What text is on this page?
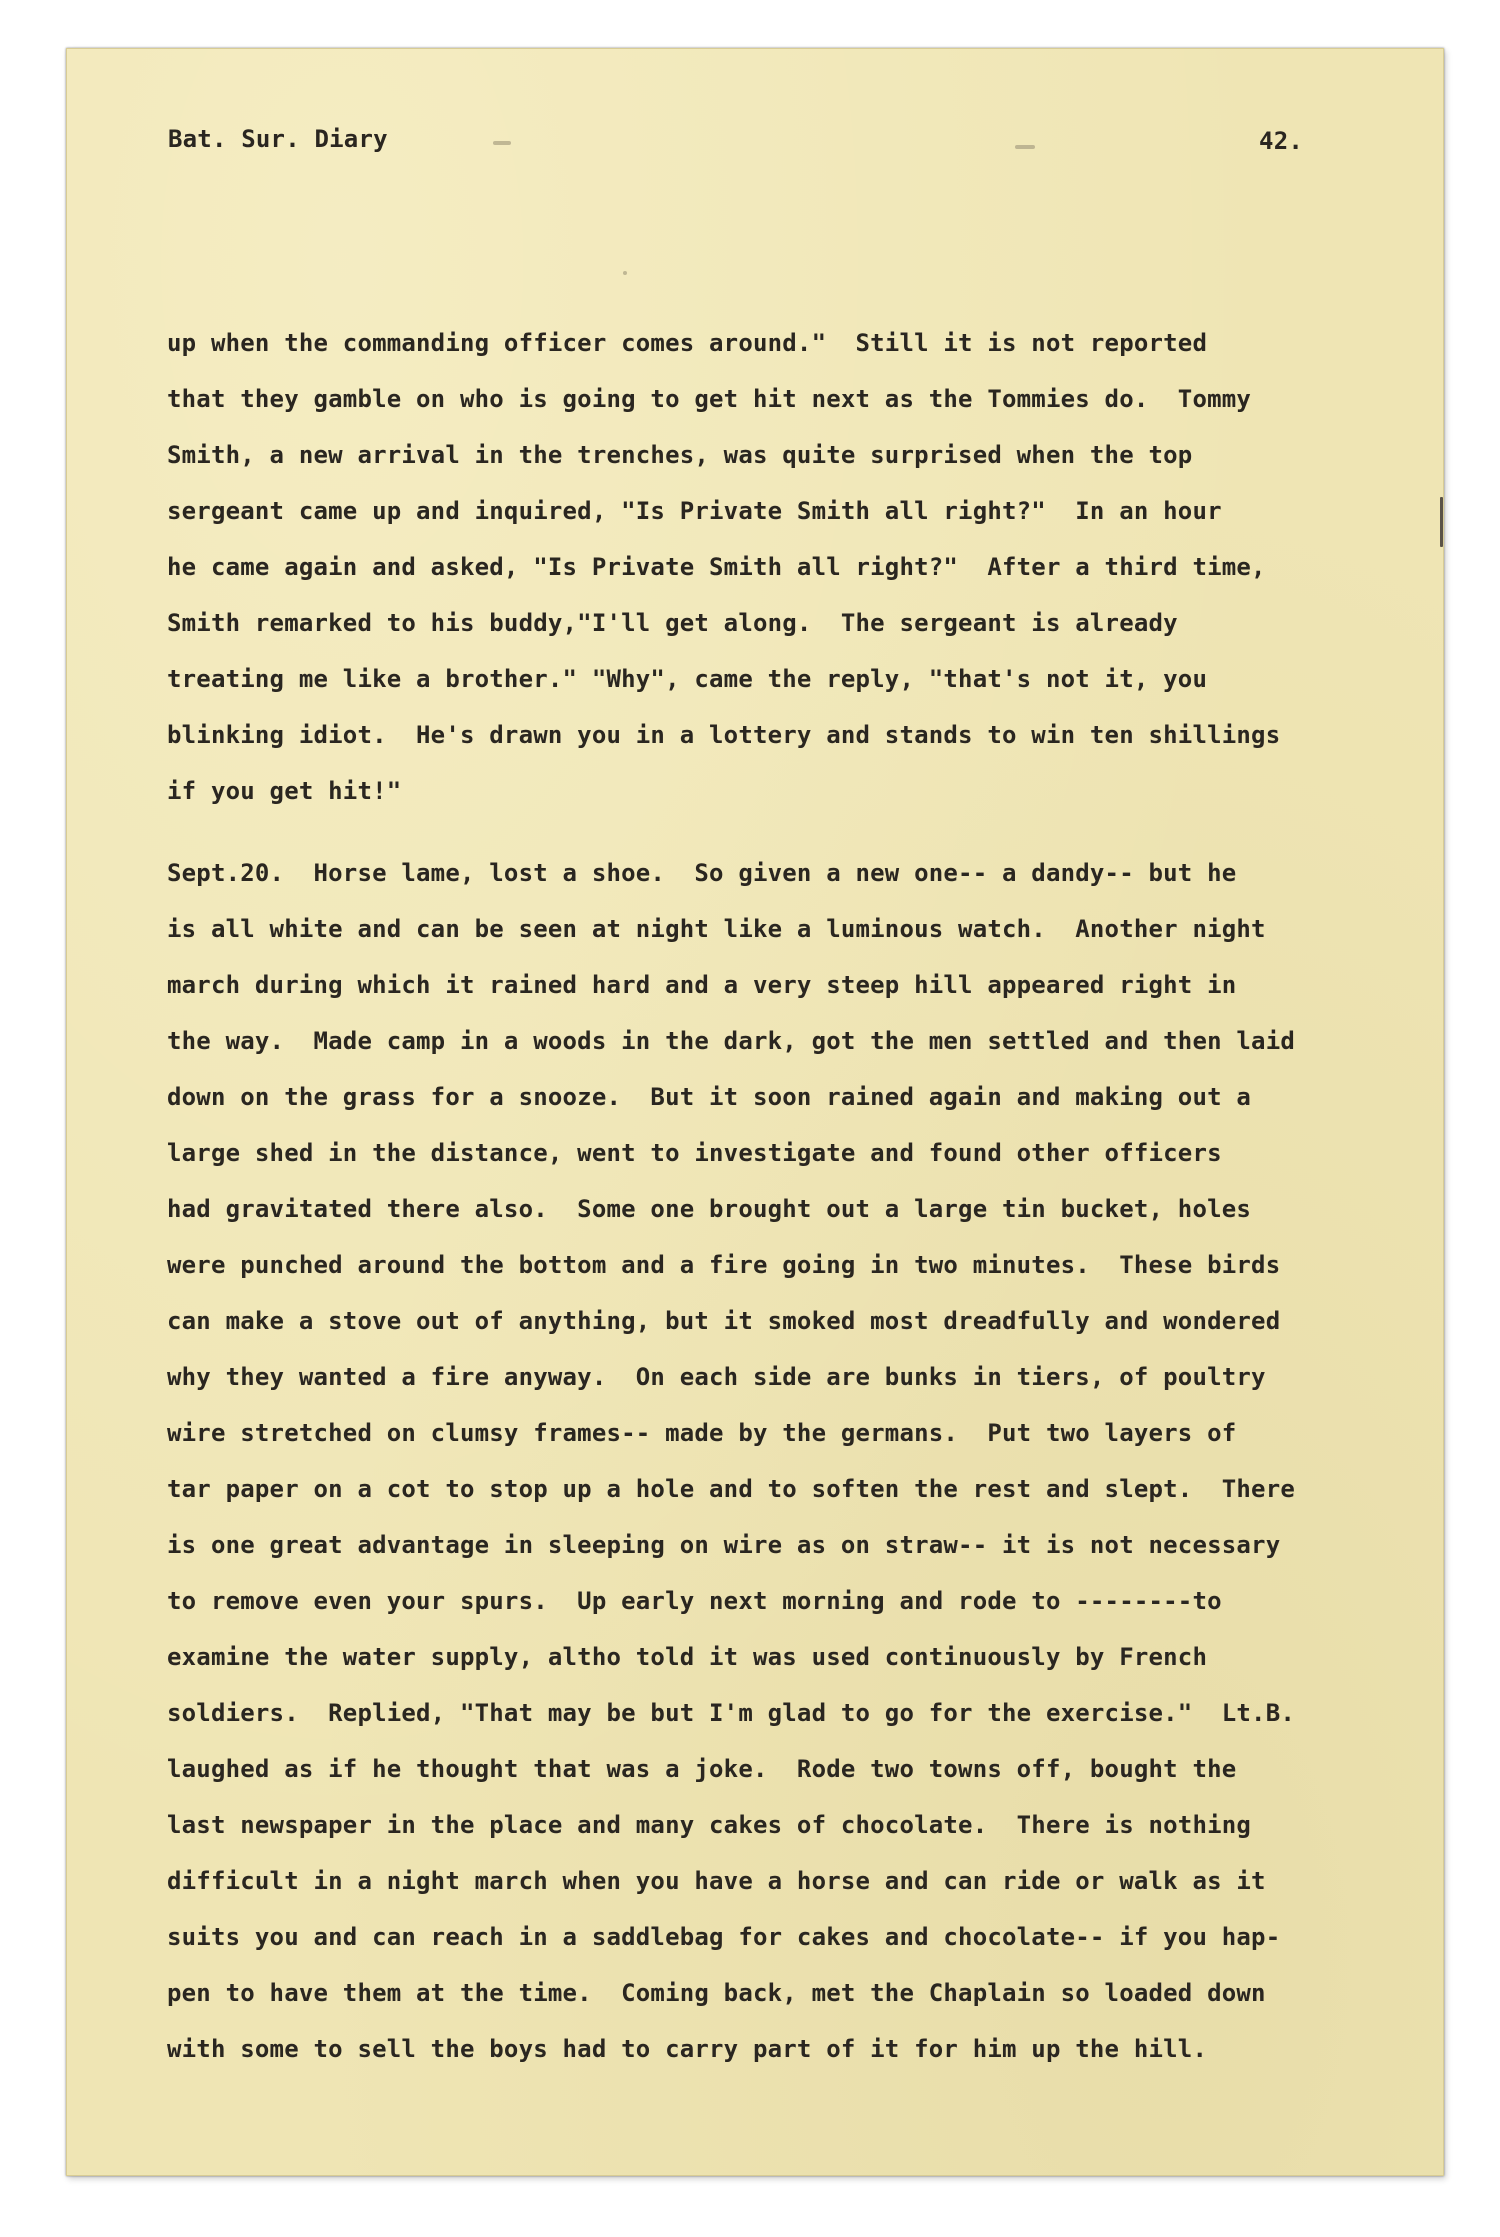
Bat. Sur. Diary	42.
up when the commanding officer comes around."  Still it is not reported
that they gamble on who is going to get hit next as the Tommies do.  Tommy
Smith, a new arrival in the trenches, was quite surprised when the top
sergeant came up and inquired, "Is Private Smith all right?"  In an hour
he came again and asked, "Is Private Smith all right?"  After a third time,
Smith remarked to his buddy,"I'll get along.  The sergeant is already
treating me like a brother." "Why", came the reply, "that's not it, you
blinking idiot.  He's drawn you in a lottery and stands to win ten shillings
if you get hit!"
Sept.20.  Horse lame, lost a shoe.  So given a new one-- a dandy-- but he
is all white and can be seen at night like a luminous watch.  Another night
march during which it rained hard and a very steep hill appeared right in
the way.  Made camp in a woods in the dark, got the men settled and then laid
down on the grass for a snooze.  But it soon rained again and making out a
large shed in the distance, went to investigate and found other officers
had gravitated there also.  Some one brought out a large tin bucket, holes
were punched around the bottom and a fire going in two minutes.  These birds
can make a stove out of anything, but it smoked most dreadfully and wondered
why they wanted a fire anyway.  On each side are bunks in tiers, of poultry
wire stretched on clumsy frames-- made by the germans.  Put two layers of
tar paper on a cot to stop up a hole and to soften the rest and slept.  There
is one great advantage in sleeping on wire as on straw-- it is not necessary
to remove even your spurs.  Up early next morning and rode to --------to
examine the water supply, altho told it was used continuously by French
soldiers.  Replied, "That may be but I'm glad to go for the exercise."  Lt.B.
laughed as if he thought that was a joke.  Rode two towns off, bought the
last newspaper in the place and many cakes of chocolate.  There is nothing
difficult in a night march when you have a horse and can ride or walk as it
suits you and can reach in a saddlebag for cakes and chocolate-- if you hap-
pen to have them at the time.  Coming back, met the Chaplain so loaded down
with some to sell the boys had to carry part of it for him up the hill.
